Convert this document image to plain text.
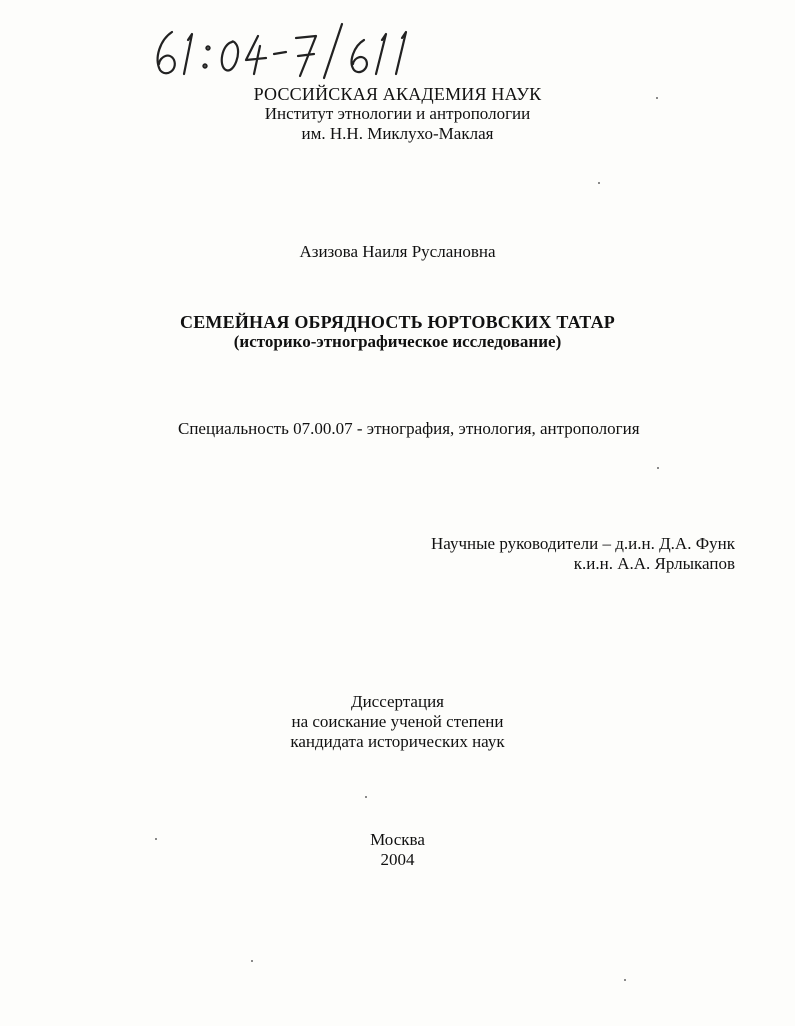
РОССИЙСКАЯ АКАДЕМИЯ НАУК
Институт этнологии и антропологии
им. Н.Н. Миклухо-Маклая
Азизова Наиля Руслановна
СЕМЕЙНАЯ ОБРЯДНОСТЬ ЮРТОВСКИХ ТАТАР
(историко-этнографическое исследование)
Специальность 07.00.07 - этнография, этнология, антропология
Научные руководители – д.и.н. Д.А. Функ
к.и.н. А.А. Ярлыкапов
Диссертация
на соискание ученой степени
кандидата исторических наук
Москва
2004
